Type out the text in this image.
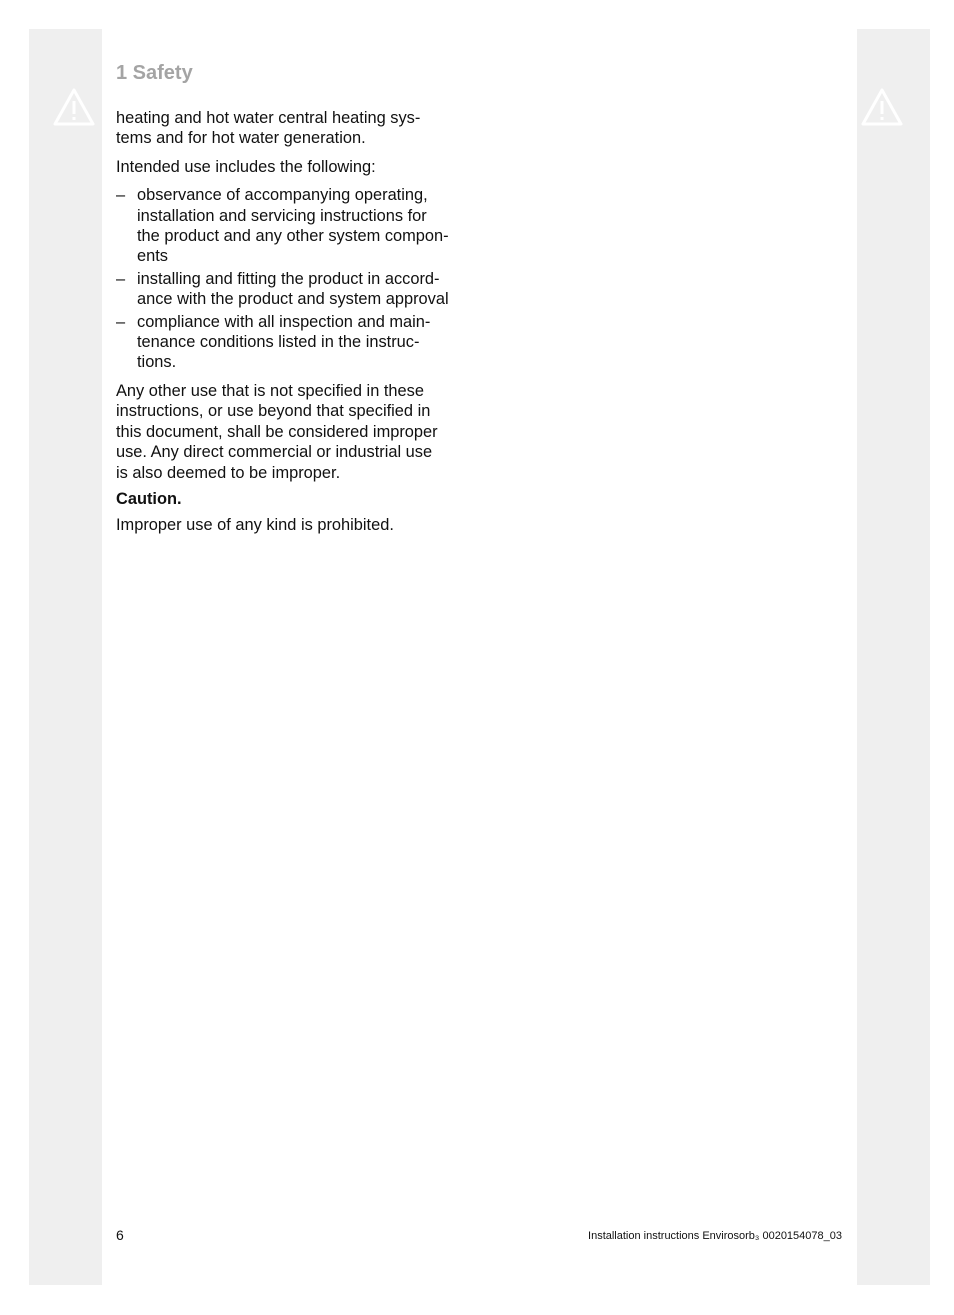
1 Safety

heating and hot water central heating sys-
tems and for hot water generation.

Intended use includes the following:

– observance of accompanying operating,
installation and servicing instructions for
the product and any other system compon-
ents
– installing and fitting the product in accord-
ance with the product and system approval
– compliance with all inspection and main-
tenance conditions listed in the instruc-
tions.

Any other use that is not specified in these
instructions, or use beyond that specified in
this document, shall be considered improper
use. Any direct commercial or industrial use
is also deemed to be improper.

Caution.

Improper use of any kind is prohibited.

6	Installation instructions Envirosorb₃ 0020154078_03
